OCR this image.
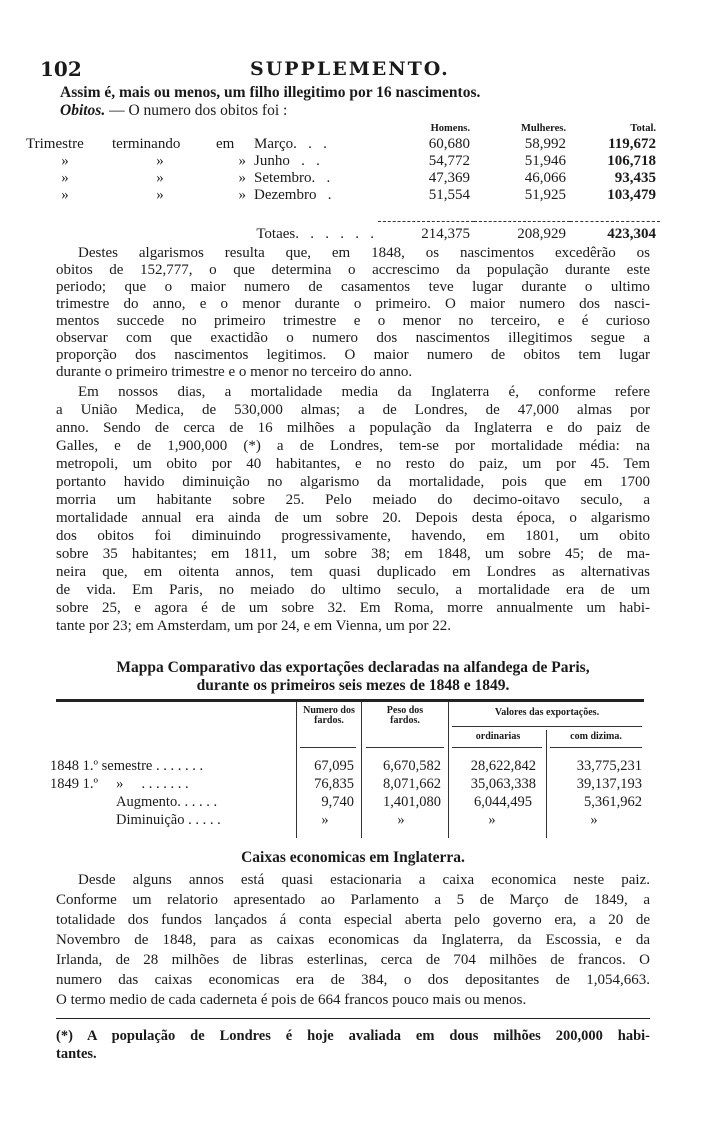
102	SUPPLEMENTO.
Assim é, mais ou menos, um filho illegitimo por 16 nascimentos.
Obitos. — O numero dos obitos foi :
				Homens.	Mulheres.	Total.
Trimestre	terminando	em	Março.   .   .	60,680	58,992	119,672
»	»	»	Junho   .   .	54,772	51,946	106,718
»	»	»	Setembro.   .	47,369	46,066	93,435
»	»	»	Dezembro   .	51,554	51,925	103,479

		Totaes.   .   .   .   .   .		214,375	208,929	423,304
Destes algarismos resulta que, em 1848, os nascimentos excedêrão os
obitos de 152,777, o que determina o accrescimo da população durante este
periodo; que o maior numero de casamentos teve lugar durante o ultimo
trimestre do anno, e o menor durante o primeiro. O maior numero dos nasci-
mentos succede no primeiro trimestre e o menor no terceiro, e é curioso
observar com que exactidão o numero dos nascimentos illegitimos segue a
proporção dos nascimentos legitimos. O maior numero de obitos tem lugar
durante o primeiro trimestre e o menor no terceiro do anno.
Em nossos dias, a mortalidade media da Inglaterra é, conforme refere
a União Medica, de 530,000 almas; a de Londres, de 47,000 almas por
anno. Sendo de cerca de 16 milhões a população da Inglaterra e do paiz de
Galles, e de 1,900,000 (*) a de Londres, tem-se por mortalidade média: na
metropoli, um obito por 40 habitantes, e no resto do paiz, um por 45. Tem
portanto havido diminuição no algarismo da mortalidade, pois que em 1700
morria um habitante sobre 25. Pelo meiado do decimo-oitavo seculo, a
mortalidade annual era ainda de um sobre 20. Depois desta época, o algarismo
dos obitos foi diminuindo progressivamente, havendo, em 1801, um obito
sobre 35 habitantes; em 1811, um sobre 38; em 1848, um sobre 45; de ma-
neira que, em oitenta annos, tem quasi duplicado em Londres as alternativas
de vida. Em Paris, no meiado do ultimo seculo, a mortalidade era de um
sobre 25, e agora é de um sobre 32. Em Roma, morre annualmente um habi-
tante por 23; em Amsterdam, um por 24, e em Vienna, um por 22.
Mappa Comparativo das exportações declaradas na alfandega de Paris,
durante os primeiros seis mezes de 1848 e 1849.
Numero dos fardos.
Peso dos fardos.
Valores das exportações.
ordinarias	com dizima.
1848 1.º semestre . . . . . . .	67,095	6,670,582	28,622,842	33,775,231
1849 1.º     »     . . . . . . .	76,835	8,071,662	35,063,338	39,137,193
Augmento. . . . . .	9,740	1,401,080	6,044,495	5,361,962
Diminuição . . . . .	»	»	»	»
Caixas economicas em Inglaterra.
Desde alguns annos está quasi estacionaria a caixa economica neste paiz.
Conforme um relatorio apresentado ao Parlamento a 5 de Março de 1849, a
totalidade dos fundos lançados á conta especial aberta pelo governo era, a 20 de
Novembro de 1848, para as caixas economicas da Inglaterra, da Escossia, e da
Irlanda, de 28 milhões de libras esterlinas, cerca de 704 milhões de francos. O
numero das caixas economicas era de 384, o dos depositantes de 1,054,663.
O termo medio de cada caderneta é pois de 664 francos pouco mais ou menos.
(*) A população de Londres é hoje avaliada em dous milhões 200,000 habi-
tantes.
